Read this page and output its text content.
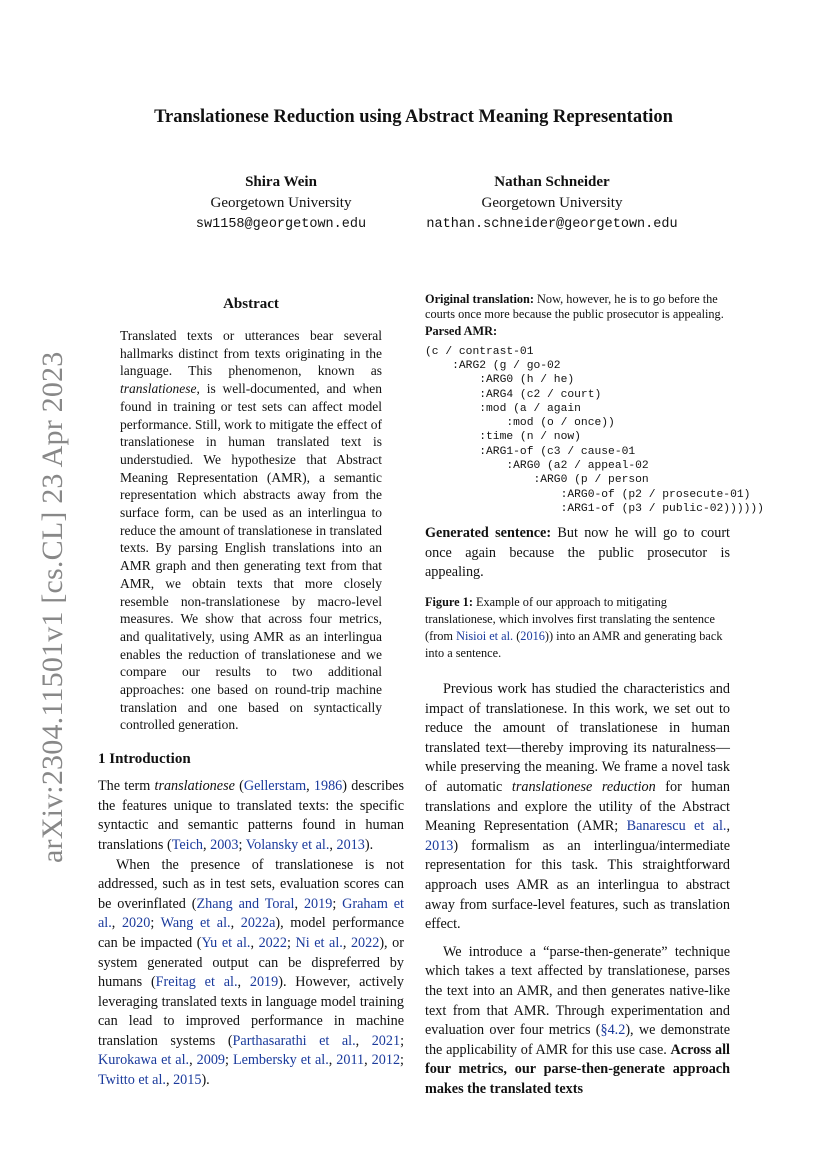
arXiv:2304.11501v1 [cs.CL] 23 Apr 2023
Translationese Reduction using Abstract Meaning Representation
Shira Wein
Georgetown University
sw1158@georgetown.edu
Nathan Schneider
Georgetown University
nathan.schneider@georgetown.edu
Abstract
Translated texts or utterances bear several hallmarks distinct from texts originating in the language. This phenomenon, known as translationese, is well-documented, and when found in training or test sets can affect model performance. Still, work to mitigate the effect of translationese in human translated text is understudied. We hypothesize that Abstract Meaning Representation (AMR), a semantic representation which abstracts away from the surface form, can be used as an interlingua to reduce the amount of translationese in translated texts. By parsing English translations into an AMR graph and then generating text from that AMR, we obtain texts that more closely resemble non-translationese by macro-level measures. We show that across four metrics, and qualitatively, using AMR as an interlingua enables the reduction of translationese and we compare our results to two additional approaches: one based on round-trip machine translation and one based on syntactically controlled generation.
1 Introduction

The term translationese (Gellerstam, 1986) describes the features unique to translated texts: the specific syntactic and semantic patterns found in human translations (Teich, 2003; Volansky et al., 2013).

When the presence of translationese is not addressed, such as in test sets, evaluation scores can be overinflated (Zhang and Toral, 2019; Graham et al., 2020; Wang et al., 2022a), model performance can be impacted (Yu et al., 2022; Ni et al., 2022), or system generated output can be dispreferred by humans (Freitag et al., 2019). However, actively leveraging translated texts in language model training can lead to improved performance in machine translation systems (Parthasarathi et al., 2021; Kurokawa et al., 2009; Lembersky et al., 2011, 2012; Twitto et al., 2015).

Original translation: Now, however, he is to go before the courts once more because the public prosecutor is appealing.
Parsed AMR:
(c / contrast-01
:ARG2 (g / go-02
:ARG0 (h / he)
:ARG4 (c2 / court)
:mod (a / again
:mod (o / once))
:time (n / now)
:ARG1-of (c3 / cause-01
:ARG0 (a2 / appeal-02
:ARG0 (p / person
:ARG0-of (p2 / prosecute-01)
:ARG1-of (p3 / public-02))))))
Generated sentence: But now he will go to court once again because the public prosecutor is appealing.
Figure 1: Example of our approach to mitigating translationese, which involves first translating the sentence (from Nisioi et al. (2016)) into an AMR and generating back into a sentence.

Previous work has studied the characteristics and impact of translationese. In this work, we set out to reduce the amount of translationese in human translated text—thereby improving its naturalness—while preserving the meaning. We frame a novel task of automatic translationese reduction for human translations and explore the utility of the Abstract Meaning Representation (AMR; Banarescu et al., 2013) formalism as an interlingua/intermediate representation for this task. This straightforward approach uses AMR as an interlingua to abstract away from surface-level features, such as translation effect.

We introduce a “parse-then-generate” technique which takes a text affected by translationese, parses the text into an AMR, and then generates native-like text from that AMR. Through experimentation and evaluation over four metrics (§4.2), we demonstrate the applicability of AMR for this use case. Across all four metrics, our parse-then-generate approach makes the translated texts
